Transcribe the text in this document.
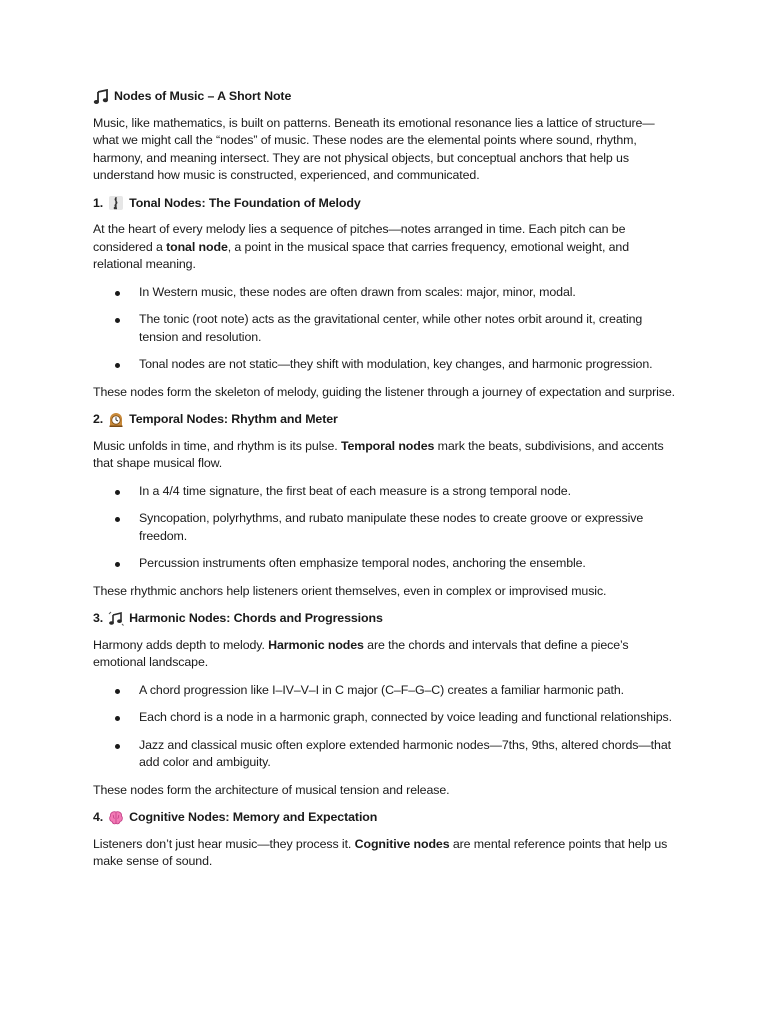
Nodes of Music – A Short Note

Music, like mathematics, is built on patterns. Beneath its emotional resonance lies a lattice of structure—what we might call the “nodes” of music. These nodes are the elemental points where sound, rhythm, harmony, and meaning intersect. They are not physical objects, but conceptual anchors that help us understand how music is constructed, experienced, and communicated.

1. Tonal Nodes: The Foundation of Melody

At the heart of every melody lies a sequence of pitches—notes arranged in time. Each pitch can be considered a tonal node, a point in the musical space that carries frequency, emotional weight, and relational meaning.

In Western music, these nodes are often drawn from scales: major, minor, modal.
The tonic (root note) acts as the gravitational center, while other notes orbit around it, creating tension and resolution.
Tonal nodes are not static—they shift with modulation, key changes, and harmonic progression.

These nodes form the skeleton of melody, guiding the listener through a journey of expectation and surprise.

2. Temporal Nodes: Rhythm and Meter

Music unfolds in time, and rhythm is its pulse. Temporal nodes mark the beats, subdivisions, and accents that shape musical flow.

In a 4/4 time signature, the first beat of each measure is a strong temporal node.
Syncopation, polyrhythms, and rubato manipulate these nodes to create groove or expressive freedom.
Percussion instruments often emphasize temporal nodes, anchoring the ensemble.

These rhythmic anchors help listeners orient themselves, even in complex or improvised music.

3. Harmonic Nodes: Chords and Progressions

Harmony adds depth to melody. Harmonic nodes are the chords and intervals that define a piece’s emotional landscape.

A chord progression like I–IV–V–I in C major (C–F–G–C) creates a familiar harmonic path.
Each chord is a node in a harmonic graph, connected by voice leading and functional relationships.
Jazz and classical music often explore extended harmonic nodes—7ths, 9ths, altered chords—that add color and ambiguity.

These nodes form the architecture of musical tension and release.

4. Cognitive Nodes: Memory and Expectation

Listeners don’t just hear music—they process it. Cognitive nodes are mental reference points that help us make sense of sound.
